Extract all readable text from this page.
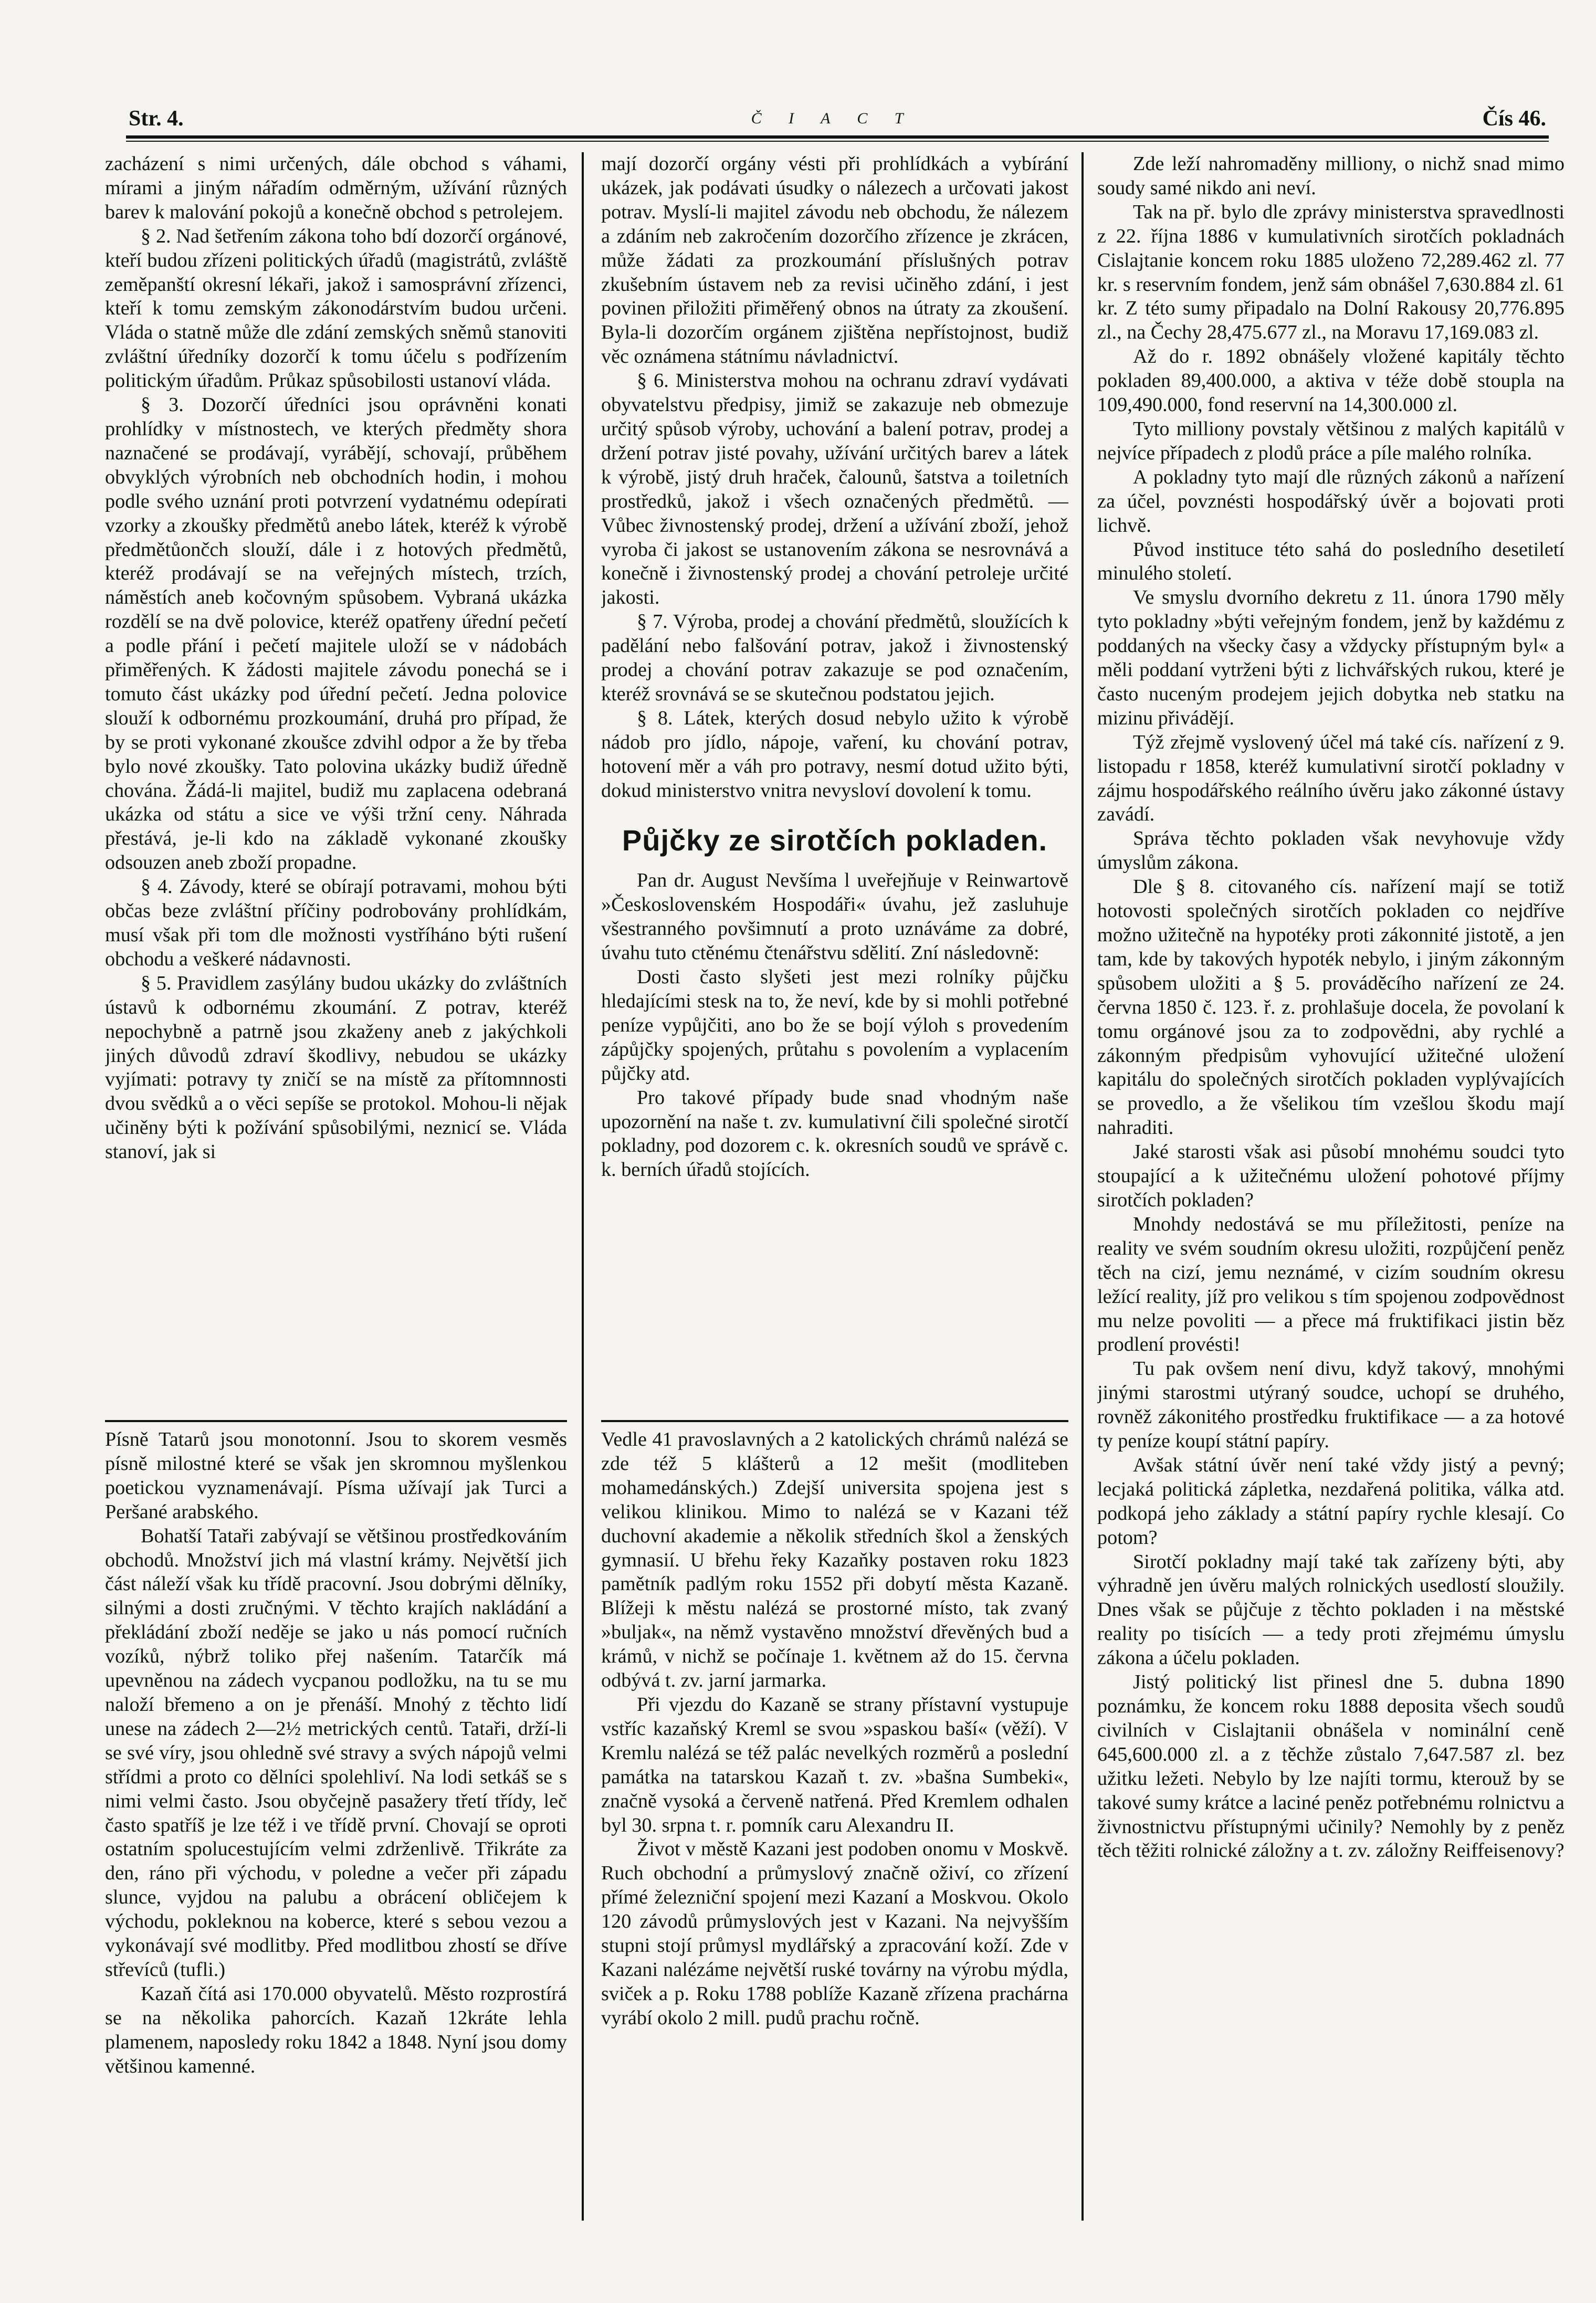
Str. 4.	Č I A C T	Čís 46.

zacházení s nimi určených, dále obchod s váhami, mírami a jiným nářadím odměrným, užívání různých barev k malování pokojů a konečně obchod s petrolejem.

§ 2. Nad šetřením zákona toho bdí dozorčí orgánové, kteří budou zřízeni politických úřadů (magistrátů, zvláště zeměpanští okresní lékaři, jakož i samosprávní zřízenci, kteří k tomu zemským zákonodárstvím budou určeni. Vláda o statně může dle zdání zemských sněmů stanoviti zvláštní úředníky dozorčí k tomu účelu s podřízením politickým úřadům. Průkaz spůsobilosti ustanoví vláda.

§ 3. Dozorčí úředníci jsou oprávněni konati prohlídky v místnostech, ve kterých předměty shora naznačené se prodávají, vyrábějí, schovají, průběhem obvyklých výrobních neb obchodních hodin, i mohou podle svého uznání proti potvrzení vydatnému odepírati vzorky a zkoušky předmětů anebo látek, kteréž k výrobě předmětůončch slouží, dále i z hotových předmětů, kteréž prodávají se na veřejných místech, trzích, náměstích aneb kočovným spůsobem. Vybraná ukázka rozdělí se na dvě polovice, kteréž opatřeny úřední pečetí a podle přání i pečetí majitele uloží se v nádobách přiměřených. K žádosti majitele závodu ponechá se i tomuto část ukázky pod úřední pečetí. Jedna polovice slouží k odbornému prozkoumání, druhá pro případ, že by se proti vykonané zkoušce zdvihl odpor a že by třeba bylo nové zkoušky. Tato polovina ukázky budiž úředně chována. Žádá-li majitel, budiž mu zaplacena odebraná ukázka od státu a sice ve výši tržní ceny. Náhrada přestává, je-li kdo na základě vykonané zkoušky odsouzen aneb zboží propadne.

§ 4. Závody, které se obírají potravami, mohou býti občas beze zvláštní příčiny podrobovány prohlídkám, musí však při tom dle možnosti vystříháno býti rušení obchodu a veškeré nádavnosti.

§ 5. Pravidlem zasýlány budou ukázky do zvláštních ústavů k odbornému zkoumání. Z potrav, kteréž nepochybně a patrně jsou zkaženy aneb z jakýchkoli jiných důvodů zdraví škodlivy, nebudou se ukázky vyjímati: potravy ty zničí se na místě za přítomnnosti dvou svědků a o věci sepíše se protokol. Mohou-li nějak učiněny býti k požívání spůsobilými, neznicí se. Vláda stanoví, jak si

mají dozorčí orgány vésti při prohlídkách a vybírání ukázek, jak podávati úsudky o nálezech a určovati jakost potrav. Myslí-li majitel závodu neb obchodu, že nálezem a zdáním neb zakročením dozorčího zřízence je zkrácen, může žádati za prozkoumání příslušných potrav zkušebním ústavem neb za revisi učiněho zdání, i jest povinen přiložiti přiměřený obnos na útraty za zkoušení. Byla-li dozorčím orgánem zjištěna nepřístojnost, budiž věc oznámena státnímu návladnictví.

§ 6. Ministerstva mohou na ochranu zdraví vydávati obyvatelstvu předpisy, jimiž se zakazuje neb obmezuje určitý spůsob výroby, uchování a balení potrav, prodej a držení potrav jisté povahy, užívání určitých barev a látek k výrobě, jistý druh hraček, čalounů, šatstva a toiletních prostředků, jakož i všech označených předmětů. — Vůbec živnostenský prodej, držení a užívání zboží, jehož vyroba či jakost se ustanovením zákona se nesrovnává a konečně i živnostenský prodej a chování petroleje určité jakosti.

§ 7. Výroba, prodej a chování předmětů, sloužících k padělání nebo falšování potrav, jakož i živnostenský prodej a chování potrav zakazuje se pod označením, kteréž srovnává se se skutečnou podstatou jejich.

§ 8. Látek, kterých dosud nebylo užito k výrobě nádob pro jídlo, nápoje, vaření, ku chování potrav, hotovení měr a váh pro potravy, nesmí dotud užito býti, dokud ministerstvo vnitra nevysloví dovolení k tomu.

Půjčky ze sirotčích pokladen.

Pan dr. August Nevšíma l uveřejňuje v Reinwartově »Československém Hospodáři« úvahu, jež zasluhuje všestranného povšimnutí a proto uznáváme za dobré, úvahu tuto ctěnému čtenářstvu sdělití. Zní následovně:

Dosti často slyšeti jest mezi rolníky půjčku hledajícími stesk na to, že neví, kde by si mohli potřebné peníze vypůjčiti, ano bo že se bojí výloh s provedením zápůjčky spojených, průtahu s povolením a vyplacením půjčky atd.

Pro takové případy bude snad vhodným naše upozornění na naše t. zv. kumulativní čili společné sirotčí pokladny, pod dozorem c. k. okresních soudů ve správě c. k. berních úřadů stojících.

Zde leží nahromaděny milliony, o nichž snad mimo soudy samé nikdo ani neví.

Tak na př. bylo dle zprávy ministerstva spravedlnosti z 22. října 1886 v kumulativních sirotčích pokladnách Cislajtanie koncem roku 1885 uloženo 72,289.462 zl. 77 kr. s reservním fondem, jenž sám obnášel 7,630.884 zl. 61 kr. Z této sumy připadalo na Dolní Rakousy 20,776.895 zl., na Čechy 28,475.677 zl., na Moravu 17,169.083 zl.

Až do r. 1892 obnášely vložené kapitály těchto pokladen 89,400.000, a aktiva v téže době stoupla na 109,490.000, fond reservní na 14,300.000 zl.

Tyto milliony povstaly většinou z malých kapitálů v nejvíce případech z plodů práce a píle malého rolníka.

A pokladny tyto mají dle různých zákonů a nařízení za účel, povznésti hospodářský úvěr a bojovati proti lichvě.

Původ instituce této sahá do posledního desetiletí minulého století.

Ve smyslu dvorního dekretu z 11. února 1790 měly tyto pokladny »býti veřejným fondem, jenž by každému z poddaných na všecky časy a vždycky přístupným byl« a měli poddaní vytrženi býti z lichvářských rukou, které je často nuceným prodejem jejich dobytka neb statku na mizinu přivádějí.

Týž zřejmě vyslovený účel má také cís. nařízení z 9. listopadu r 1858, kteréž kumulativní sirotčí pokladny v zájmu hospodářského reálního úvěru jako zákonné ústavy zavádí.

Správa těchto pokladen však nevyhovuje vždy úmyslům zákona.

Dle § 8. citovaného cís. nařízení mají se totiž hotovosti společných sirotčích pokladen co nejdříve možno užitečně na hypotéky proti zákonnité jistotě, a jen tam, kde by takových hypoték nebylo, i jiným zákonným spůsobem uložiti a § 5. prováděcího nařízení ze 24. června 1850 č. 123. ř. z. prohlašuje docela, že povolaní k tomu orgánové jsou za to zodpovědni, aby rychlé a zákonným předpisům vyhovující užitečné uložení kapitálu do společných sirotčích pokladen vyplývajících se provedlo, a že všelikou tím vzešlou škodu mají nahraditi.

Jaké starosti však asi působí mnohému soudci tyto stoupající a k užitečnému uložení pohotové příjmy sirotčích pokladen?

Mnohdy nedostává se mu příležitosti, peníze na reality ve svém soudním okresu uložiti, rozpůjčení peněz těch na cizí, jemu neznámé, v cizím soudním okresu ležící reality, jíž pro velikou s tím spojenou zodpovědnost mu nelze povoliti — a přece má fruktifikaci jistin běz prodlení provésti!

Tu pak ovšem není divu, když takový, mnohými jinými starostmi utýraný soudce, uchopí se druhého, rovněž zákonitého prostředku fruktifikace — a za hotové ty peníze koupí státní papíry.

Avšak státní úvěr není také vždy jistý a pevný; lecjaká politická zápletka, nezdařená politika, válka atd. podkopá jeho základy a státní papíry rychle klesají. Co potom?

Sirotčí pokladny mají také tak zařízeny býti, aby výhradně jen úvěru malých rolnických usedlostí sloužily. Dnes však se půjčuje z těchto pokladen i na městské reality po tisících — a tedy proti zřejmému úmyslu zákona a účelu pokladen.

Jistý politický list přinesl dne 5. dubna 1890 poznámku, že koncem roku 1888 deposita všech soudů civilních v Cislajtanii obnášela v nominální ceně 645,600.000 zl. a z těchže zůstalo 7,647.587 zl. bez užitku ležeti. Nebylo by lze najíti tormu, kterouž by se takové sumy krátce a laciné peněz potřebnému rolnictvu a živnostnictvu přístupnými učinily? Nemohly by z peněz těch těžiti rolnické záložny a t. zv. záložny Reiffeisenovy?

Písně Tatarů jsou monotonní. Jsou to skorem vesměs písně milostné které se však jen skromnou myšlenkou poetickou vyznamenávají. Písma užívají jak Turci a Peršané arabského.

Bohatší Tataři zabývají se většinou prostředkováním obchodů. Množství jich má vlastní krámy. Největší jich část náleží však ku třídě pracovní. Jsou dobrými dělníky, silnými a dosti zručnými. V těchto krajích nakládání a překládání zboží neděje se jako u nás pomocí ručních vozíků, nýbrž toliko přej našením. Tatarčík má upevněnou na zádech vycpanou podložku, na tu se mu naloží břemeno a on je přenáší. Mnohý z těchto lidí unese na zádech 2—2½ metrických centů. Tataři, drží-li se své víry, jsou ohledně své stravy a svých nápojů velmi střídmi a proto co dělníci spolehliví. Na lodi setkáš se s nimi velmi často. Jsou obyčejně pasažery třetí třídy, leč často spatříš je lze též i ve třídě první. Chovají se oproti ostatním spolucestujícím velmi zdrženlivě. Třikráte za den, ráno při východu, v poledne a večer při západu slunce, vyjdou na palubu a obrácení obličejem k východu, pokleknou na koberce, které s sebou vezou a vykonávají své modlitby. Před modlitbou zhostí se dříve střevíců (tufli.)

Kazaň čítá asi 170.000 obyvatelů. Město rozprostírá se na několika pahorcích. Kazaň 12kráte lehla plamenem, naposledy roku 1842 a 1848. Nyní jsou domy většinou kamenné.

Vedle 41 pravoslavných a 2 katolických chrámů nalézá se zde též 5 klášterů a 12 mešit (modliteben mohamedánských.) Zdejší universita spojena jest s velikou klinikou. Mimo to nalézá se v Kazani též duchovní akademie a několik středních škol a ženských gymnasií. U břehu řeky Kazaňky postaven roku 1823 pamětník padlým roku 1552 při dobytí města Kazaně. Blížeji k městu nalézá se prostorné místo, tak zvaný »buljak«, na němž vystavěno množství dřevěných bud a krámů, v nichž se počínaje 1. květnem až do 15. června odbývá t. zv. jarní jarmarka.

Při vjezdu do Kazaně se strany přístavní vystupuje vstříc kazaňský Kreml se svou »spaskou baší« (věží). V Kremlu nalézá se též palác nevelkých rozměrů a poslední památka na tatarskou Kazaň t. zv. »bašna Sumbeki«, značně vysoká a červeně natřená. Před Kremlem odhalen byl 30. srpna t. r. pomník caru Alexandru II.

Život v městě Kazani jest podoben onomu v Moskvě. Ruch obchodní a průmyslový značně oživí, co zřízení přímé železniční spojení mezi Kazaní a Moskvou. Okolo 120 závodů průmyslových jest v Kazani. Na nejvyšším stupni stojí průmysl mydlářský a zpracování koží. Zde v Kazani nalézáme největší ruské továrny na výrobu mýdla, sviček a p. Roku 1788 poblíže Kazaně zřízena prachárna vyrábí okolo 2 mill. pudů prachu ročně.
